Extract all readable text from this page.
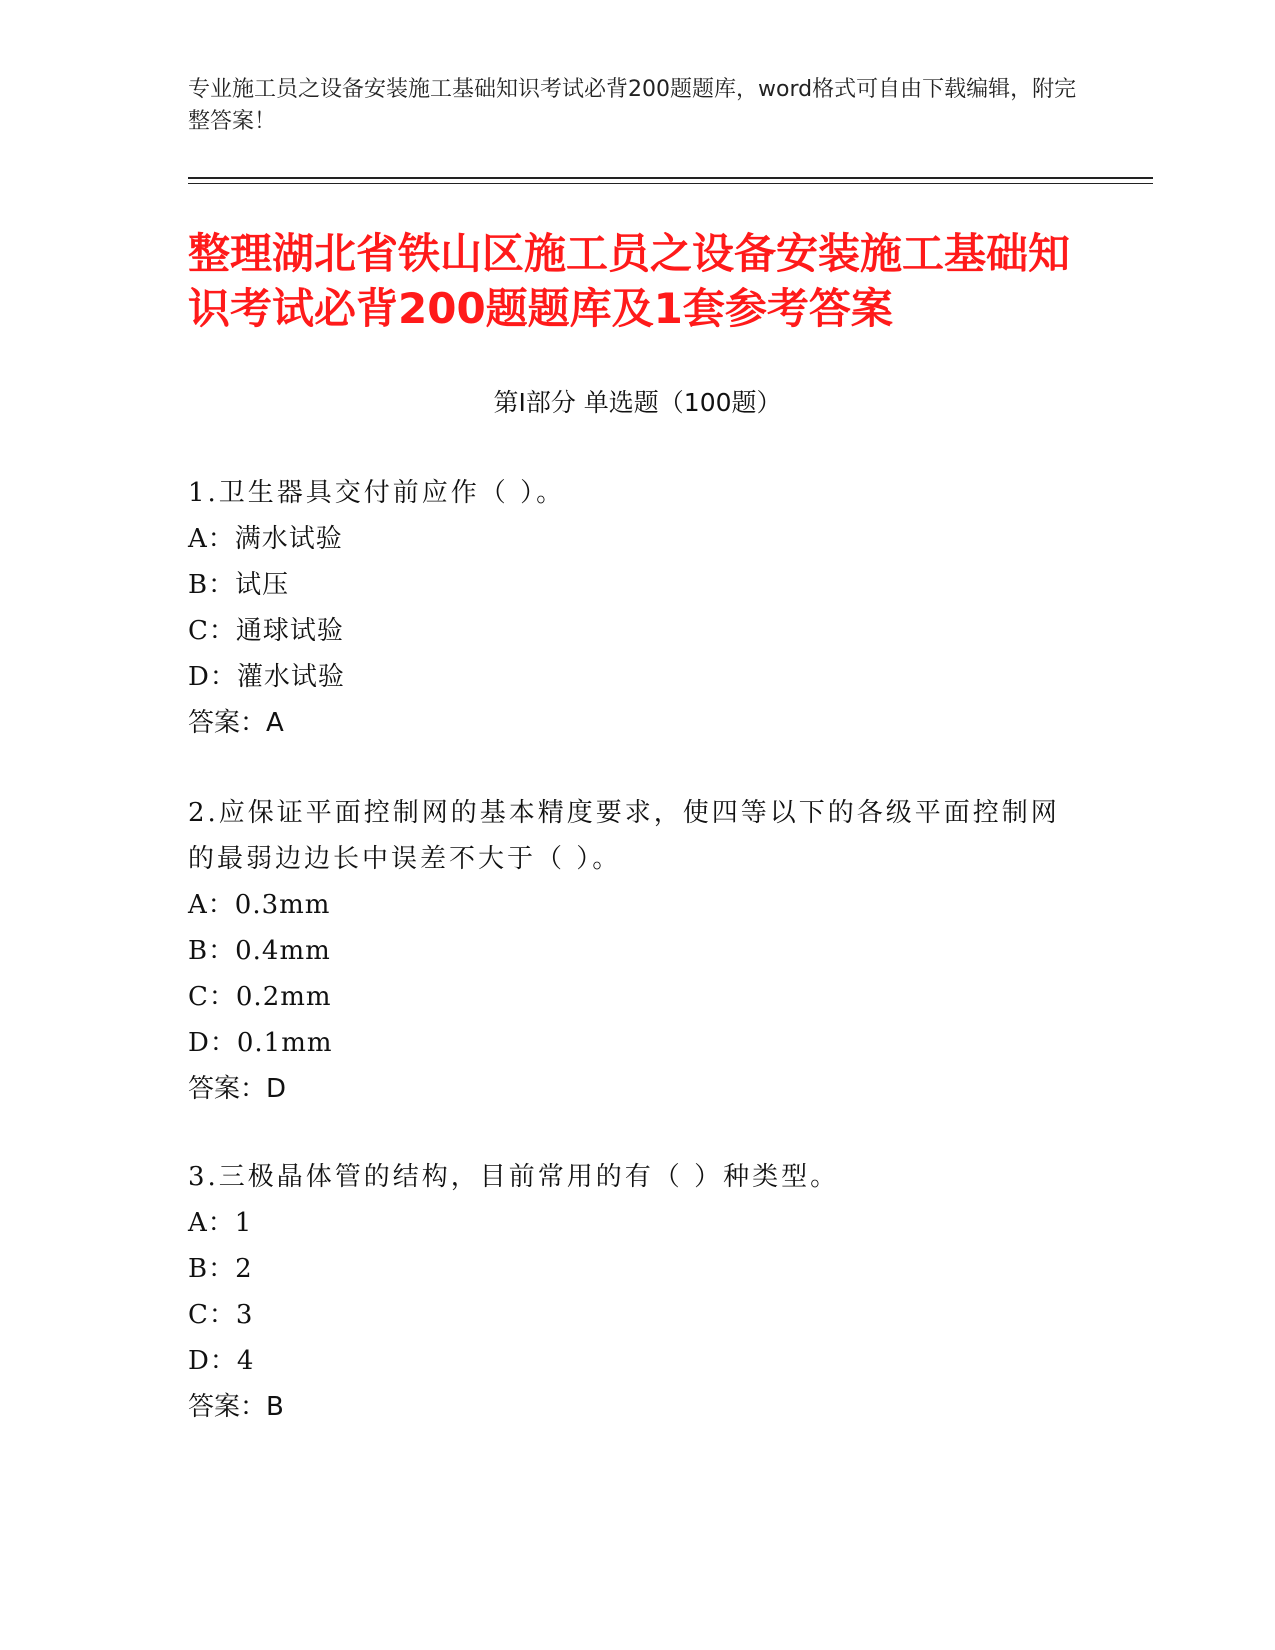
专业施工员之设备安装施工基础知识考试必背200题题库，word格式可自由下载编辑，附完整答案！
整理湖北省铁山区施工员之设备安装施工基础知识考试必背200题题库及1套参考答案
第Ⅰ部分 单选题（100题）
1.卫生器具交付前应作（ ）。
A：满水试验
B：试压
C：通球试验
D：灌水试验
答案：A
2.应保证平面控制网的基本精度要求，使四等以下的各级平面控制网的最弱边边长中误差不大于（ ）。
A：0.3mm
B：0.4mm
C：0.2mm
D：0.1mm
答案：D
3.三极晶体管的结构，目前常用的有（ ）种类型。
A：1
B：2
C：3
D：4
答案：B
